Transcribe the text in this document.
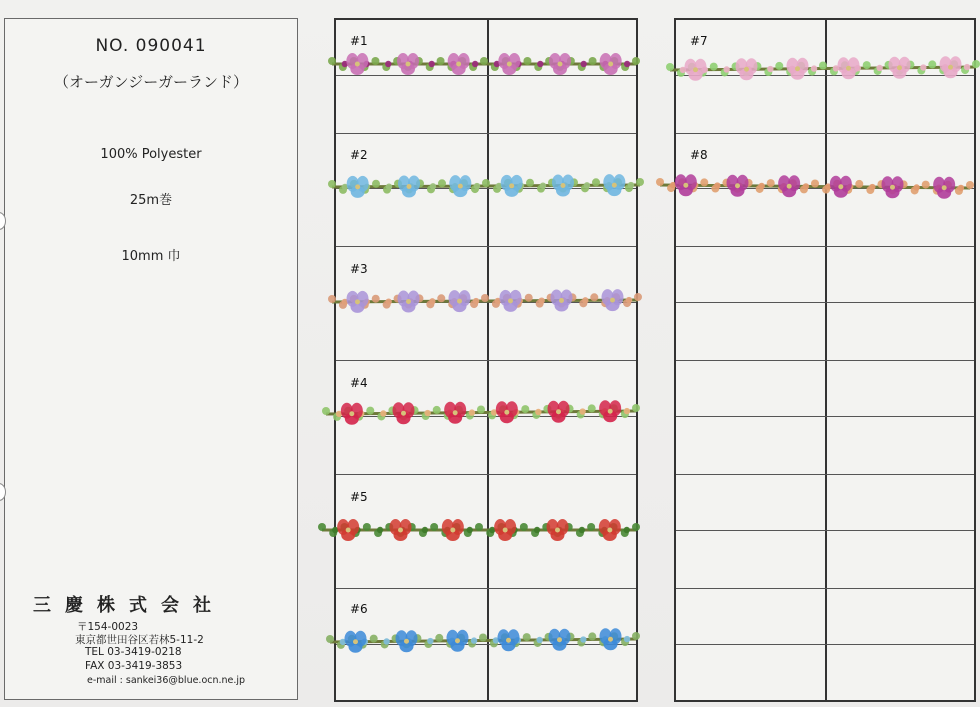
NO. 090041
（オーガンジーガーランド）
100% Polyester
25m巻
10mm 巾
三慶株式会社
〒154-0023
東京都世田谷区若林5-11-2
TEL 03-3419-0218
FAX 03-3419-3853
e-mail : sankei36@blue.ocn.ne.jp
#1
#2
#3
#4
#5
#6
#7
#8
